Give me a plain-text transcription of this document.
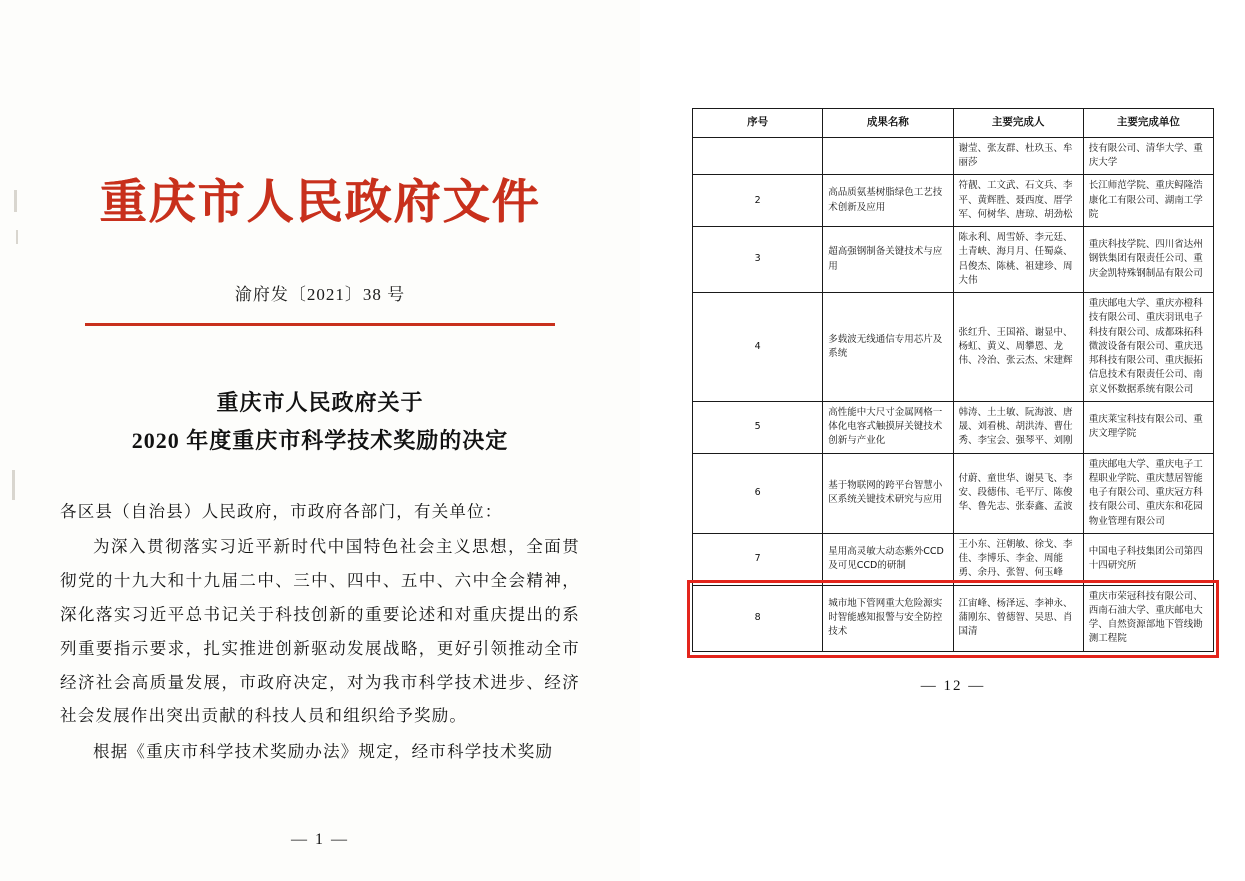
重庆市人民政府文件
渝府发〔2021〕38 号
重庆市人民政府关于
2020 年度重庆市科学技术奖励的决定

各区县（自治县）人民政府，市政府各部门，有关单位：

为深入贯彻落实习近平新时代中国特色社会主义思想，全面贯彻党的十九大和十九届二中、三中、四中、五中、六中全会精神，深化落实习近平总书记关于科技创新的重要论述和对重庆提出的系列重要指示要求，扎实推进创新驱动发展战略，更好引领推动全市经济社会高质量发展，市政府决定，对为我市科学技术进步、经济社会发展作出突出贡献的科技人员和组织给予奖励。

根据《重庆市科学技术奖励办法》规定，经市科学技术奖励

— 1 —
序号	成果名称	主要完成人	主要完成单位
		谢莹、张友群、杜玖玉、牟丽莎	技有限公司、清华大学、重庆大学
2	高品质氨基树脂绿色工艺技术创新及应用	符靓、工文武、石文兵、李平、黄辉胜、聂西度、厝学军、何树华、唐琼、胡劲松	长江师范学院、重庆鲟隆浩康化工有限公司、湖南工学院
3	超高强钢制备关键技术与应用	陈永利、周雪娇、李元廷、土青峡、海月月、任蜀焱、吕俊杰、陈桃、祖建珍、周大伟	重庆科技学院、四川省达州钢铁集团有限责任公司、重庆金凯特殊钢制品有限公司
4	多载波无线通信专用芯片及系统	张红升、王国裕、谢显中、杨虹、黄义、周攀恩、龙伟、冷治、张云杰、宋建辉	重庆邮电大学、重庆亦橙科技有限公司、重庆羽讯电子科技有限公司、成都珠拓科微波设备有限公司、重庆迅邦科技有限公司、重庆振拓信息技术有限责任公司、南京义怀数据系统有限公司
5	高性能中大尺寸金属网格一体化电容式触摸屏关键技术创新与产业化	韩涛、土土敏、阮海波、唐晟、刘看桃、胡洪涛、曹仕秀、李宝会、强琴平、刘刚	重庆莱宝科技有限公司、重庆文理学院
6	基于物联网的跨平台智慧小区系统关键技术研究与应用	付蔚、童世华、谢昊飞、李安、段德伟、毛平厅、陈俊华、鲁先志、张泰鑫、孟波	重庆邮电大学、重庆电子工程职业学院、重庆慧居智能电子有限公司、重庆冠方科技有限公司、重庆东和花园物业管理有限公司
7	星用高灵敏大动态紫外CCD及可见CCD的研制	王小东、汪朝敏、徐戈、李佳、李博乐、李金、周能勇、余丹、张智、何玉峰	中国电子科技集团公司第四十四研究所
8	城市地下管网重大危险源实时智能感知报警与安全防控技术	江宙峰、杨泽远、李神永、蒲刚东、曾德智、吴思、肖国清	重庆市荣冠科技有限公司、西南石油大学、重庆邮电大学、自然资源部地下管线勘测工程院
— 12 —
